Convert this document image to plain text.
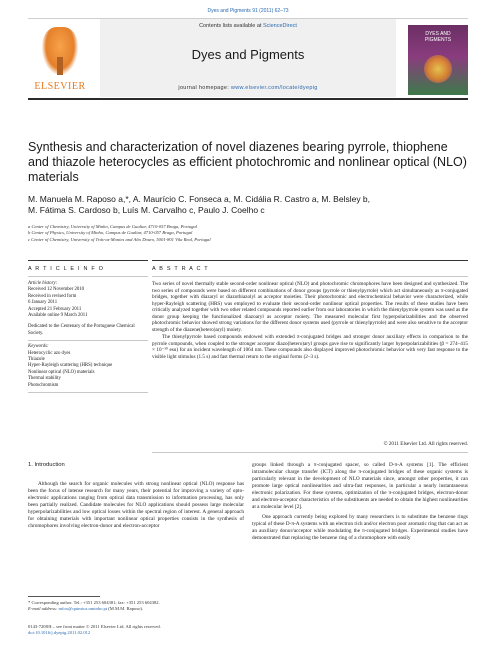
Dyes and Pigments 91 (2011) 62–73
ELSEVIER
Contents lists available at ScienceDirect
Dyes and Pigments
journal homepage: www.elsevier.com/locate/dyepig
DYES AND PIGMENTS
Synthesis and characterization of novel diazenes bearing pyrrole, thiophene and thiazole heterocycles as efficient photochromic and nonlinear optical (NLO) materials
M. Manuela M. Raposo a,*, A. Maurício C. Fonseca a, M. Cidália R. Castro a, M. Belsley b,
M. Fátima S. Cardoso b, Luís M. Carvalho c, Paulo J. Coelho c
a Center of Chemistry, University of Minho, Campus de Gualtar, 4710-057 Braga, Portugal
b Center of Physics, University of Minho, Campus de Gualtar, 4710-057 Braga, Portugal
c Center of Chemistry, University of Trás-os-Montes and Alto Douro, 5001-801 Vila Real, Portugal
A R T I C L E I N F O	A B S T R A C T
Article history:
Received 12 November 2010
Received in revised form
6 January 2011
Accepted 21 February 2011
Available online 9 March 2011
Dedicated to the Centenary of the Portuguese Chemical Society.
Keywords:
Heterocyclic azo dyes
Thiazole
Hyper-Rayleigh scattering (HRS) technique
Nonlinear optical (NLO) materials
Thermal stability
Photochromism

Two series of novel thermally stable second-order nonlinear optical (NLO) and photochromic chromophores have been designed and synthesized. The two series of compounds were based on different combinations of donor groups (pyrrole or thienylpyrrole) which act simultaneously as π-conjugated bridges, together with diazaryl or diazothiazolyl as acceptor moieties. Their photochromic and electrochemical behavior were characterized, while hyper-Rayleigh scattering (HRS) was employed to evaluate their second-order nonlinear optical properties. The results of these studies have been critically analyzed together with two other related compounds reported earlier from our laboratories in which the thienylpyrrole system was used as the donor group keeping the functionalized diazoaryl as acceptor moiety. The measured molecular first hyperpolarizabilities and the observed photochromic behavior showed strong variations for the different donor systems used (pyrrole or thienylpyrrole) and were also sensitive to the acceptor strength of the diazene(hetero)aryl) moiety.

The thienylpyrrole based compounds endowed with extended π-conjugated bridges and stronger donor auxiliary effects in comparison to the pyrrole compounds, when coupled to the stronger acceptor diazo(hetero)aryl groups gave rise to significantly larger hyperpolarizabilities (β = 274–415 × 10⁻³⁰ esu) for an incident wavelength of 1064 nm. These compounds also displayed improved photochromic behavior with very fast response to the visible light stimulus (1.5 s) and fast thermal return to the original forms (2–3 s).

© 2011 Elsevier Ltd. All rights reserved.
1. Introduction

Although the search for organic molecules with strong nonlinear optical (NLO) response has been the focus of intense research for many years, their potential for improving a variety of opto-electronic applications ranging from optical data transmission to information processing, has only been partially realized. Candidate molecules for NLO applications should possess large molecular hyperpolarizabilities and low optical losses within the spectral region of interest. A general approach for obtaining materials with important nonlinear optical properties consists in the synthesis of chromophores involving electron-donor and electron-acceptor

groups linked through a π-conjugated spacer, so called D-π-A systems [1]. The efficient intramolecular charge transfer (ICT) along the π-conjugated bridges of these organic systems is particularly relevant in the development of NLO materials since, amongst other properties, it can promote large optical nonlinearities and ultra-fast responses, in particular a nearly instantaneous electronic polarization. For these systems, optimization of the π-conjugated bridges, electron-donor and electron-acceptor characteristics of the substituents are needed to obtain the highest nonlinearities at a molecular level [2].

One approach currently being explored by many researchers is to substitute the benzene rings typical of these D-π-A systems with an electron rich and/or electron poor aromatic ring that can act as an auxiliary donor/acceptor while modulating the π-conjugated bridges. Experimental studies have demonstrated that replacing the benzene ring of a chromophore with easily

* Corresponding author. Tel.: +351 253 604381; fax: +351 253 604382.
E-mail address: mfox@quimica.uminho.pt (M.M.M. Raposo).
0143-7208/$ – see front matter © 2011 Elsevier Ltd. All rights reserved.
doi:10.1016/j.dyepig.2011.02.012
